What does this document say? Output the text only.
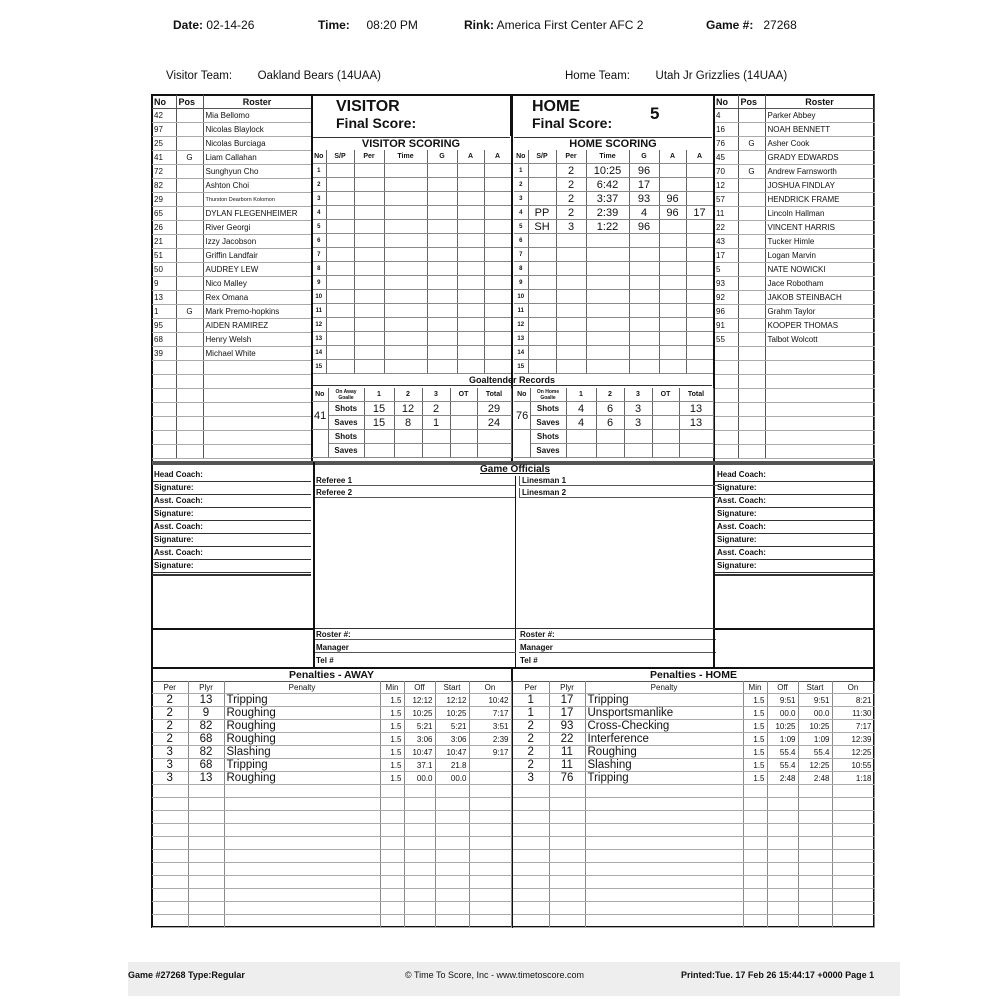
Date: 02-14-26	Time: 08:20 PM	Rink: America First Center AFC 2	Game #: 27268
Visitor Team: Oakland Bears (14UAA)	Home Team: Utah Jr Grizzlies (14UAA)
No	Pos	Roster
42		Mia Bellomo
97		Nicolas Blaylock
25		Nicolas Burciaga
41	G	Liam Callahan
72		Sunghyun Cho
82		Ashton Choi
29		Thurston Dearborn Kolomon
65		DYLAN FLEGENHEIMER
26		River Georgi
21		Izzy Jacobson
51		Griffin Landfair
50		AUDREY LEW
9		Nico Malley
13		Rex Omana
1	G	Mark Premo-hopkins
95		AIDEN RAMIREZ
68		Henry Welsh
39		Michael White

No	Pos	Roster
4		Parker Abbey
16		NOAH BENNETT
76	G	Asher Cook
45		GRADY EDWARDS
70	G	Andrew Farnsworth
12		JOSHUA FINDLAY
57		HENDRICK FRAME
11		Lincoln Hallman
22		VINCENT HARRIS
43		Tucker Himle
17		Logan Marvin
5		NATE NOWICKI
93		Jace Robotham
92		JAKOB STEINBACH
96		Grahm Taylor
91		KOOPER THOMAS
55		Talbot Wolcott

VISITOR
Final Score:
HOME
Final Score: 5
VISITOR SCORING	HOME SCORING
No	S/P	Per	Time	G	A	A
1						
2						
3						
4						
5						
6						
7						
8						
9						
10						
11						
12						
13						
14						
15						
No	S/P	Per	Time	G	A	A
1		2	10:25	96		
2		2	6:42	17		
3		2	3:37	93	96	
4	PP	2	2:39	4	96	17
5	SH	3	1:22	96		
6						
7						
8						
9						
10						
11						
12						
13						
14						
15						
Goaltender Records
No	On Away Goalie	1	2	3	OT	Total
41	Shots	15	12	2		29
	Saves	15	8	1		24
	Shots					
	Saves					
No	On Home Goalie	1	2	3	OT	Total
76	Shots	4	6	3		13
	Saves	4	6	3		13
	Shots					
	Saves					
Head Coach:
Signature:
Asst. Coach:
Signature:
Asst. Coach:
Signature:
Asst. Coach:
Signature:
Head Coach:
Signature:
Asst. Coach:
Signature:
Asst. Coach:
Signature:
Asst. Coach:
Signature:
Game Officials
Referee 1
Referee 2
Linesman 1
Linesman 2
Roster #:
Manager
Tel #
Roster #:
Manager
Tel #
Penalties - AWAY	Penalties - HOME
Per	Plyr	Penalty	Min	Off	Start	On
2	13	Tripping	1.5	12:12	12:12	10:42
2	9	Roughing	1.5	10:25	10:25	7:17
2	82	Roughing	1.5	5:21	5:21	3:51
2	68	Roughing	1.5	3:06	3:06	2:39
3	82	Slashing	1.5	10:47	10:47	9:17
3	68	Tripping	1.5	37.1	21.8	
3	13	Roughing	1.5	00.0	00.0	

Per	Plyr	Penalty	Min	Off	Start	On
1	17	Tripping	1.5	9:51	9:51	8:21
1	17	Unsportsmanlike	1.5	00.0	00.0	11:30
2	93	Cross-Checking	1.5	10:25	10:25	7:17
2	22	Interference	1.5	1:09	1:09	12:39
2	11	Roughing	1.5	55.4	55.4	12:25
2	11	Slashing	1.5	55.4	12:25	10:55
3	76	Tripping	1.5	2:48	2:48	1:18

Game #27268 Type:Regular	© Time To Score, Inc - www.timetoscore.com	Printed:Tue. 17 Feb 26 15:44:17 +0000 Page 1
